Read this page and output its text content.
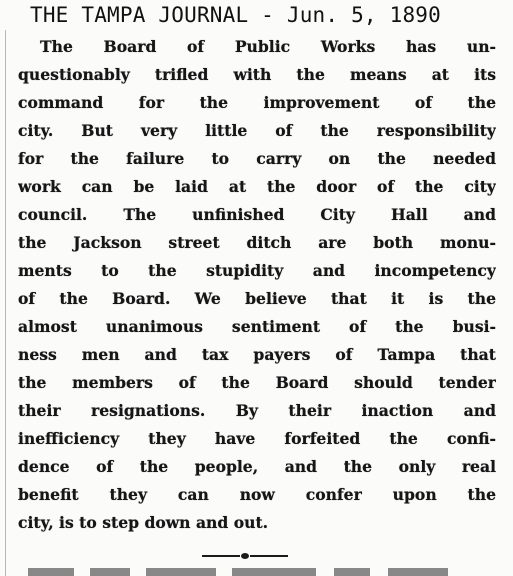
THE TAMPA JOURNAL - Jun. 5, 1890
The Board of Public Works has un-
questionably trifled with the means at its
command for the improvement of the
city. But very little of the responsibility
for the failure to carry on the needed
work can be laid at the door of the city
council. The unfinished City Hall and
the Jackson street ditch are both monu-
ments to the stupidity and incompetency
of the Board. We believe that it is the
almost unanimous sentiment of the busi-
ness men and tax payers of Tampa that
the members of the Board should tender
their resignations. By their inaction and
inefficiency they have forfeited the confi-
dence of the people, and the only real
benefit they can now confer upon the
city, is to step down and out.
